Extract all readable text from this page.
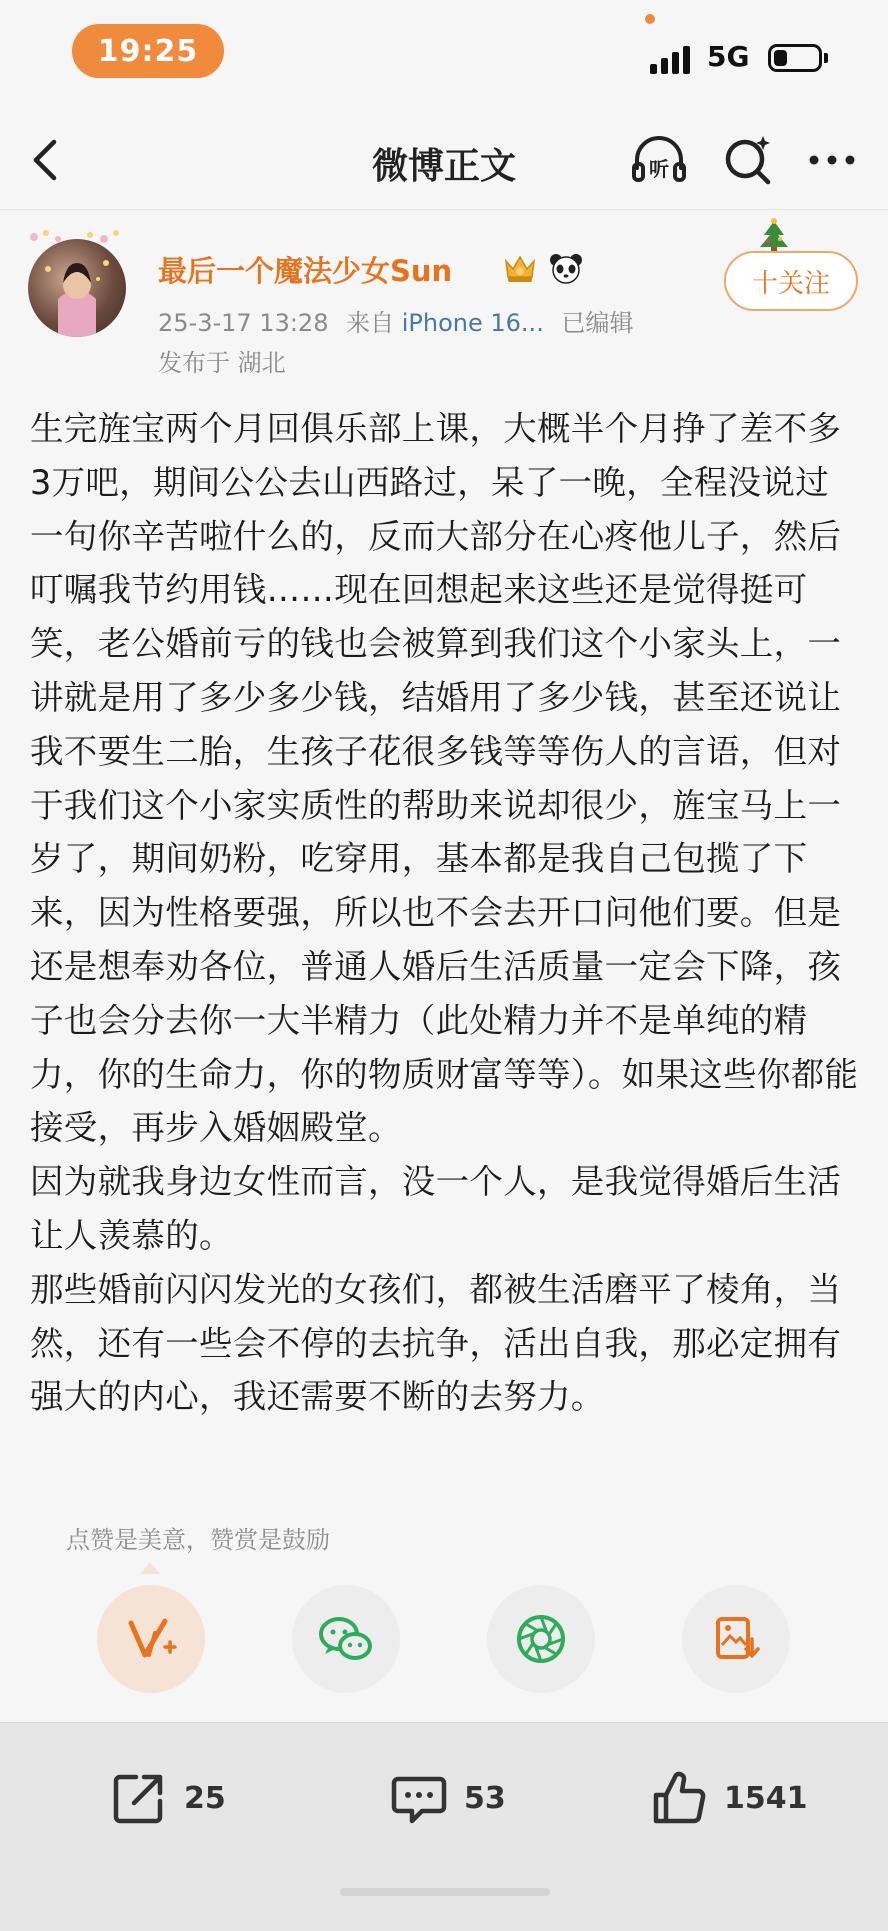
19:25	5G
微博正文	听
最后一个魔法少女Sun
25-3-17 13:28 来自 iPhone 16... 已编辑
发布于 湖北
十关注

生完旌宝两个月回俱乐部上课，大概半个月挣了差不多3万吧，期间公公去山西路过，呆了一晚，全程没说过一句你辛苦啦什么的，反而大部分在心疼他儿子，然后叮嘱我节约用钱……现在回想起来这些还是觉得挺可笑，老公婚前亏的钱也会被算到我们这个小家头上，一讲就是用了多少多少钱，结婚用了多少钱，甚至还说让我不要生二胎，生孩子花很多钱等等伤人的言语，但对于我们这个小家实质性的帮助来说却很少，旌宝马上一岁了，期间奶粉，吃穿用，基本都是我自己包揽了下来，因为性格要强，所以也不会去开口问他们要。但是还是想奉劝各位，普通人婚后生活质量一定会下降，孩子也会分去你一大半精力（此处精力并不是单纯的精力，你的生命力，你的物质财富等等）。如果这些你都能接受，再步入婚姻殿堂。

因为就我身边女性而言，没一个人，是我觉得婚后生活让人羡慕的。

那些婚前闪闪发光的女孩们，都被生活磨平了棱角，当然，还有一些会不停的去抗争，活出自我，那必定拥有强大的内心，我还需要不断的去努力。

点赞是美意，赞赏是鼓励
25	53	1541
